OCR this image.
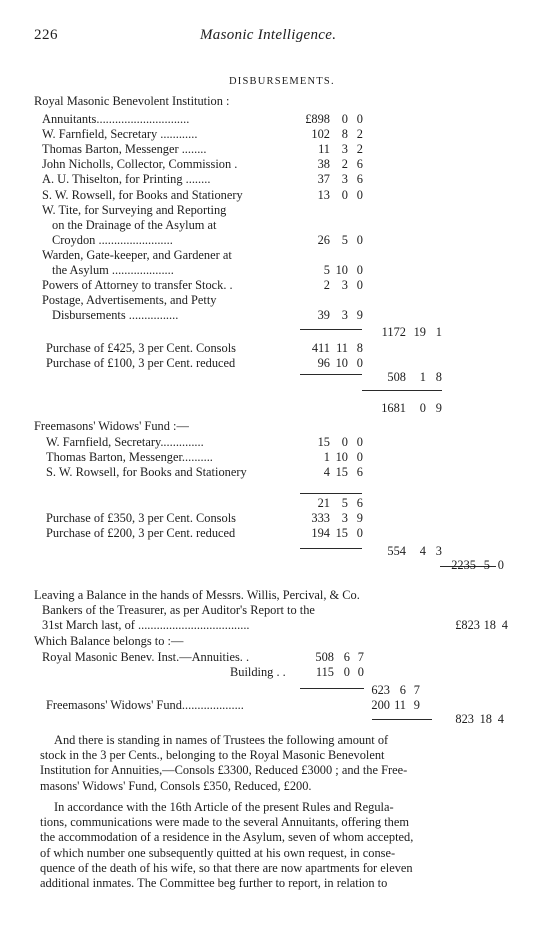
226	Masonic Intelligence.
DISBURSEMENTS.
Royal Masonic Benevolent Institution :
Annuitants..............................	£898 0 0
W. Farnfield, Secretary ............	102 8 2
Thomas Barton, Messenger ........	11 3 2
John Nicholls, Collector, Commission .	38 2 6
A. U. Thiselton, for Printing ........	37 3 6
S. W. Rowsell, for Books and Stationery	13 0 0
W. Tite, for Surveying and Reporting
on the Drainage of the Asylum at
Croydon ........................	26 5 0
Warden, Gate-keeper, and Gardener at
the Asylum ....................	5 10 0
Powers of Attorney to transfer Stock. .	2 3 0
Postage, Advertisements, and Petty
Disbursements ................	39 3 9
1172 19 1
Purchase of £425, 3 per Cent. Consols	411 11 8
Purchase of £100, 3 per Cent. reduced	96 10 0
508	1 8
1681	0 9
Freemasons' Widows' Fund :—
W. Farnfield, Secretary..............	15 0 0
Thomas Barton, Messenger..........	1 10 0
S. W. Rowsell, for Books and Stationery	4 15 6
21 5 6
Purchase of £350, 3 per Cent. Consols	333 3 9
Purchase of £200, 3 per Cent. reduced	194 15 0
554	4 3
2235 5 0
Leaving a Balance in the hands of Messrs. Willis, Percival, & Co.
Bankers of the Treasurer, as per Auditor's Report to the
31st March last, of ....................................	£823 18 4
Which Balance belongs to :—
Royal Masonic Benev. Inst.—Annuities. .	508 6 7
Building . .	115 0 0
623 6 7
Freemasons' Widows' Fund....................	200 11 9
823 18 4
And there is standing in names of Trustees the following amount of
stock in the 3 per Cents., belonging to the Royal Masonic Benevolent
Institution for Annuities,—Consols £3300, Reduced £3000 ; and the Free-
masons' Widows' Fund, Consols £350, Reduced, £200.
In accordance with the 16th Article of the present Rules and Regula-
tions, communications were made to the several Annuitants, offering them
the accommodation of a residence in the Asylum, seven of whom accepted,
of which number one subsequently quitted at his own request, in conse-
quence of the death of his wife, so that there are now apartments for eleven
additional inmates. The Committee beg further to report, in relation to
